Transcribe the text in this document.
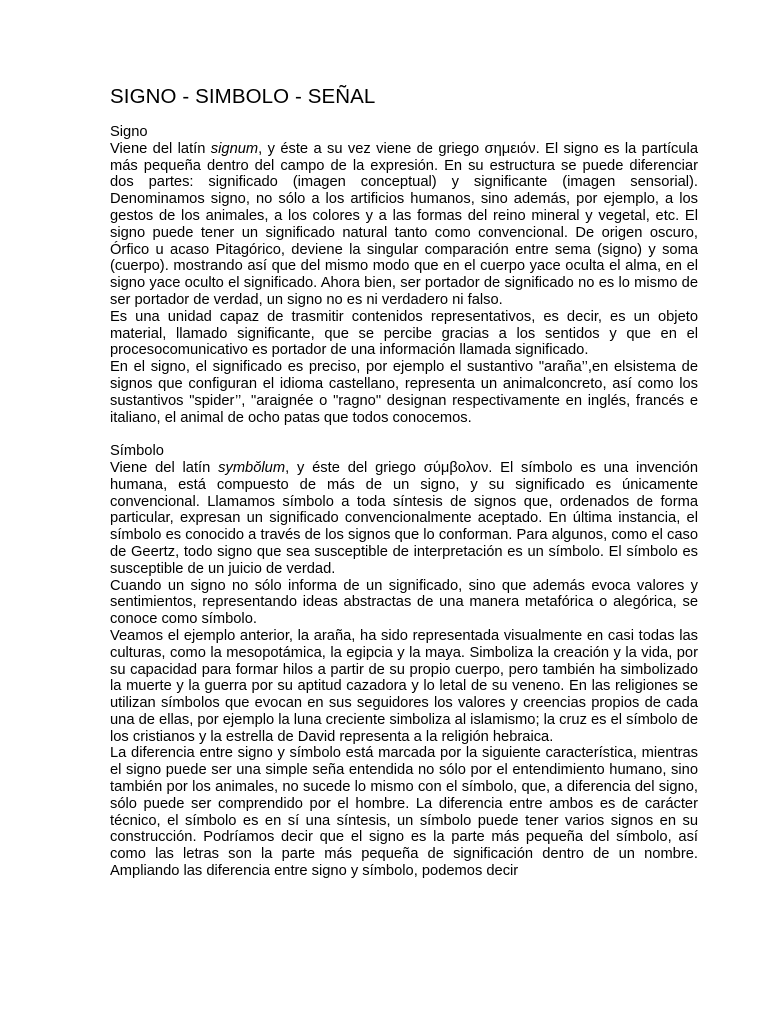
SIGNO - SIMBOLO - SEÑAL

Signo

Viene del latín signum, y éste a su vez viene de griego σημειόν. El signo es la partícula más pequeña dentro del campo de la expresión. En su estructura se puede diferenciar dos partes: significado (imagen conceptual) y significante (imagen sensorial). Denominamos signo, no sólo a los artificios humanos, sino además, por ejemplo, a los gestos de los animales, a los colores y a las formas del reino mineral y vegetal, etc. El signo puede tener un significado natural tanto como convencional. De origen oscuro, Órfico u acaso Pitagórico, deviene la singular comparación entre sema (signo) y soma (cuerpo). mostrando así que del mismo modo que en el cuerpo yace oculta el alma, en el signo yace oculto el significado. Ahora bien, ser portador de significado no es lo mismo de ser portador de verdad, un signo no es ni verdadero ni falso.

Es una unidad capaz de trasmitir contenidos representativos, es decir, es un objeto material, llamado significante, que se percibe gracias a los sentidos y que en el procesocomunicativo es portador de una información llamada significado.

En el signo, el significado es preciso, por ejemplo el sustantivo "araña’’,en elsistema de signos que configuran el idioma castellano, representa un animalconcreto, así como los sustantivos "spider’’, "araignée o "ragno" designan respectivamente en inglés, francés e italiano, el animal de ocho patas que todos conocemos.

Símbolo

Viene del latín symbŏlum, y éste del griego σύμβολον. El símbolo es una invención humana, está compuesto de más de un signo, y su significado es únicamente convencional. Llamamos símbolo a toda síntesis de signos que, ordenados de forma particular, expresan un significado convencionalmente aceptado. En última instancia, el símbolo es conocido a través de los signos que lo conforman. Para algunos, como el caso de Geertz, todo signo que sea susceptible de interpretación es un símbolo. El símbolo es susceptible de un juicio de verdad.

Cuando un signo no sólo informa de un significado, sino que además evoca valores y sentimientos, representando ideas abstractas de una manera metafórica o alegórica, se conoce como símbolo.

Veamos el ejemplo anterior, la araña, ha sido representada visualmente en casi todas las culturas, como la mesopotámica, la egipcia y la maya. Simboliza la creación y la vida, por su capacidad para formar hilos a partir de su propio cuerpo, pero también ha simbolizado la muerte y la guerra por su aptitud cazadora y lo letal de su veneno. En las religiones se utilizan símbolos que evocan en sus seguidores los valores y creencias propios de cada una de ellas, por ejemplo la luna creciente simboliza al islamismo; la cruz es el símbolo de los cristianos y la estrella de David representa a la religión hebraica.

La diferencia entre signo y símbolo está marcada por la siguiente característica, mientras el signo puede ser una simple seña entendida no sólo por el entendimiento humano, sino también por los animales, no sucede lo mismo con el símbolo, que, a diferencia del signo, sólo puede ser comprendido por el hombre. La diferencia entre ambos es de carácter técnico, el símbolo es en sí una síntesis, un símbolo puede tener varios signos en su construcción. Podríamos decir que el signo es la parte más pequeña del símbolo, así como las letras son la parte más pequeña de significación dentro de un nombre. Ampliando las diferencia entre signo y símbolo, podemos decir
